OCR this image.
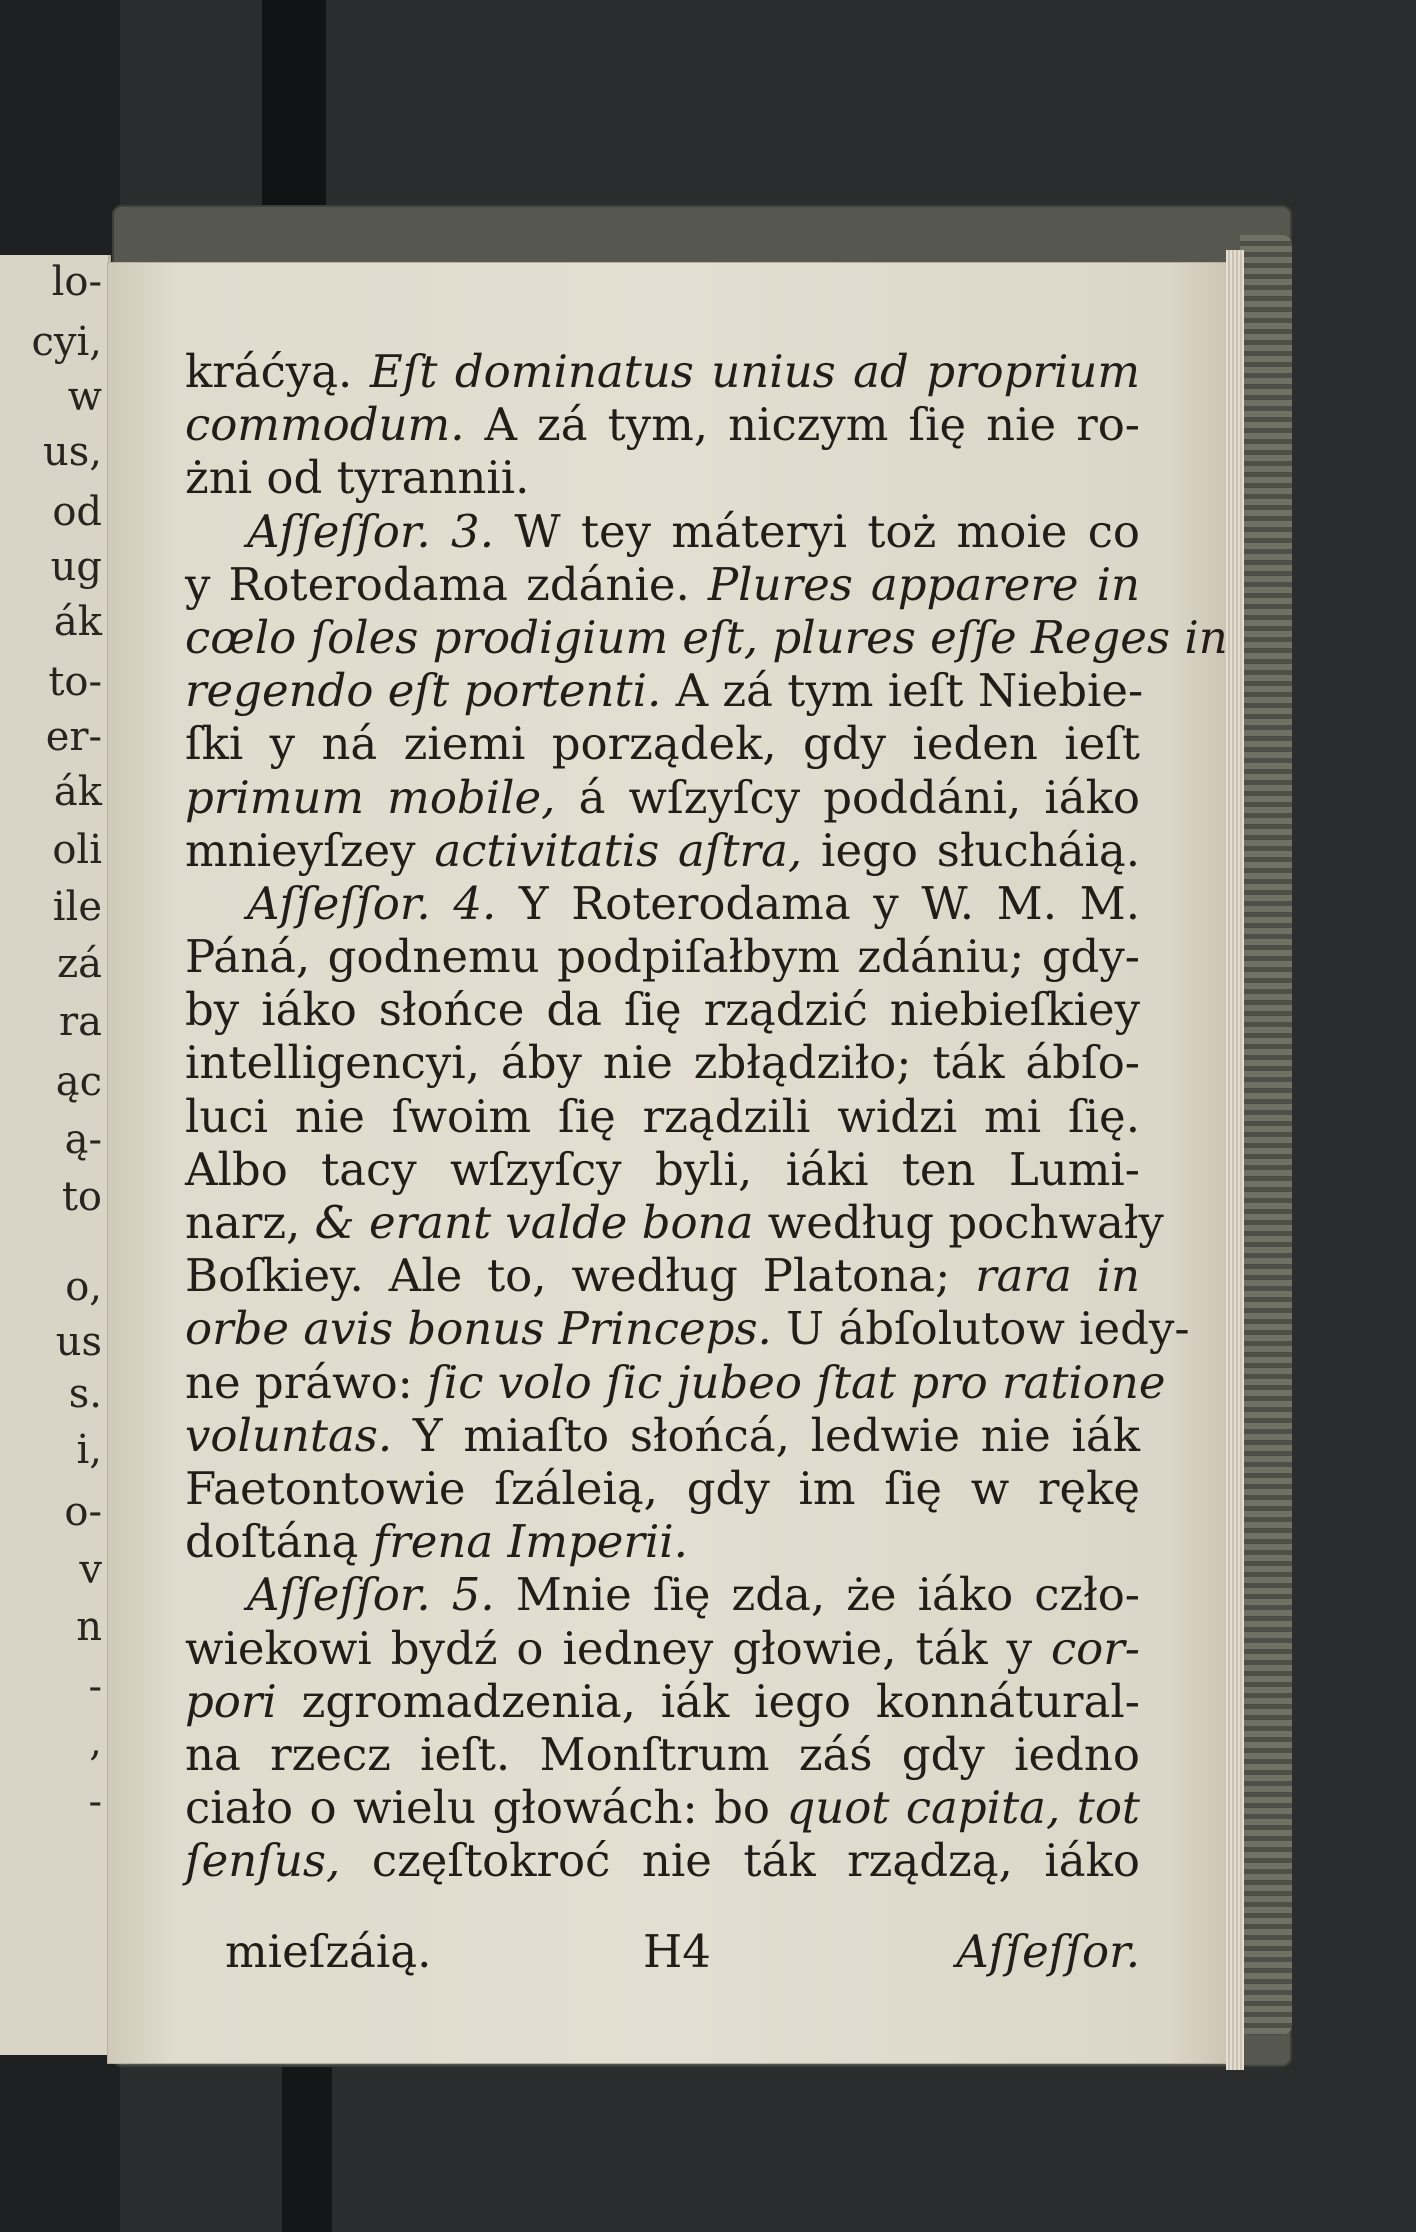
lo-
cyi,
w
us,
od
ug
ák
to-
er-
ák
oli
ile
zá
ra
ąc
ą-
to
o,
us
s.
i,
o-
v
n
-
,
-
kráćyą. Eſt dominatus unius ad proprium
commodum. A zá tym, niczym ſię nie ro-
żni od tyrannii.
Aſſeſſor. 3. W tey máteryi toż moie co
y Roterodama zdánie. Plures apparere in
cœlo ſoles prodigium eſt, plures eſſe Reges in
regendo eſt portenti. A zá tym ieſt Niebie-
ſki y ná ziemi porządek, gdy ieden ieſt
primum mobile, á wſzyſcy poddáni, iáko
mnieyſzey activitatis aſtra, iego słucháią.
Aſſeſſor. 4. Y Roterodama y W. M. M.
Páná, godnemu podpiſałbym zdániu; gdy-
by iáko słońce da ſię rządzić niebieſkiey
intelligencyi, áby nie zbłądziło; ták ábſo-
luci nie ſwoim ſię rządzili widzi mi ſię.
Albo tacy wſzyſcy byli, iáki ten Lumi-
narz, & erant valde bona według pochwały
Boſkiey. Ale to, według Platona; rara in
orbe avis bonus Princeps. U ábſolutow iedy-
ne práwo: ſic volo ſic jubeo ſtat pro ratione
voluntas. Y miaſto słońcá, ledwie nie iák
Faetontowie ſzáleią, gdy im ſię w rękę
doſtáną frena Imperii.
Aſſeſſor. 5. Mnie ſię zda, że iáko czło-
wiekowi bydź o iedney głowie, ták y cor-
pori zgromadzenia, iák iego konnátural-
na rzecz ieſt. Monſtrum záś gdy iedno
ciało o wielu głowách: bo quot capita, tot
ſenſus, częſtokroć nie ták rządzą, iáko
mieſzáią.	H4	Aſſeſſor.
